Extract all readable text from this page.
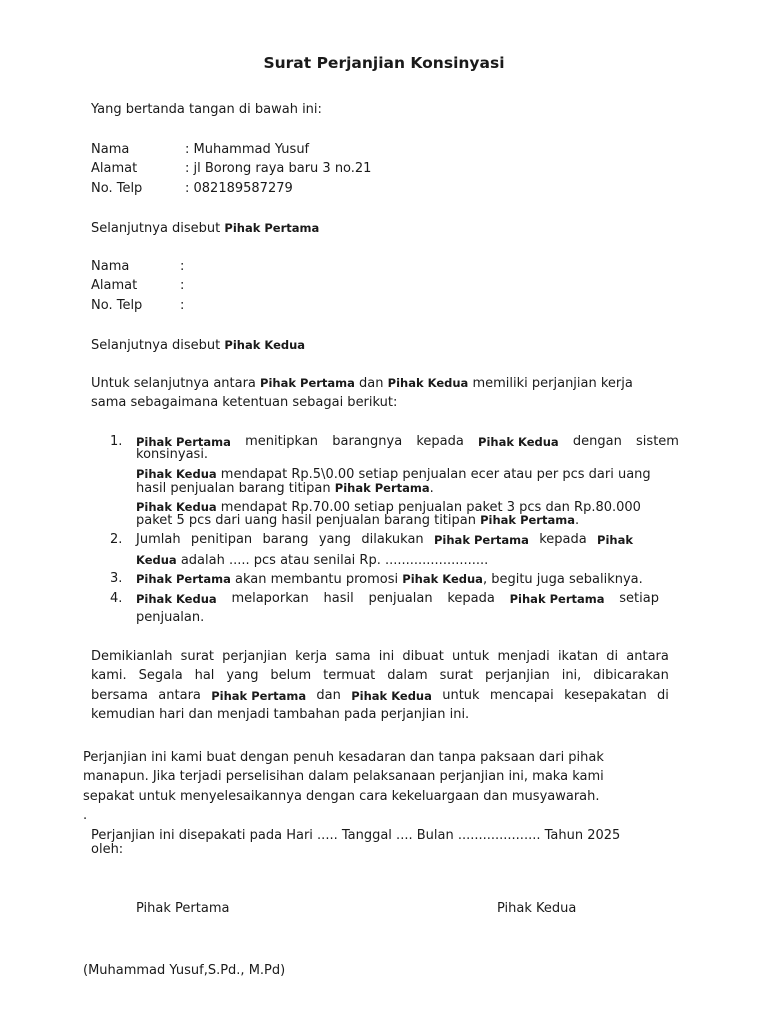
Surat Perjanjian Konsinyasi
Yang bertanda tangan di bawah ini:
Nama	: Muhammad Yusuf
Alamat	: jl Borong raya baru 3 no.21
No. Telp	: 082189587279
Selanjutnya disebut Pihak Pertama
Nama	:
Alamat	:
No. Telp	:
Selanjutnya disebut Pihak Kedua
Untuk selanjutnya antara Pihak Pertama dan Pihak Kedua memiliki perjanjian kerja
sama sebagaimana ketentuan sebagai berikut:
1. Pihak Pertama menitipkan barangnya kepada Pihak Kedua dengan sistem
konsinyasi.
Pihak Kedua mendapat Rp.5\0.00 setiap penjualan ecer atau per pcs dari uang
hasil penjualan barang titipan Pihak Pertama.
Pihak Kedua mendapat Rp.70.00 setiap penjualan paket 3 pcs dan Rp.80.000
paket 5 pcs dari uang hasil penjualan barang titipan Pihak Pertama.
2. Jumlah penitipan barang yang dilakukan Pihak Pertama kepada Pihak
Kedua adalah ..... pcs atau senilai Rp. .........................
3. Pihak Pertama akan membantu promosi Pihak Kedua, begitu juga sebaliknya.
4. Pihak Kedua melaporkan hasil penjualan kepada Pihak Pertama setiap
penjualan.
Demikianlah surat perjanjian kerja sama ini dibuat untuk menjadi ikatan di antara
kami. Segala hal yang belum termuat dalam surat perjanjian ini, dibicarakan
bersama antara Pihak Pertama dan Pihak Kedua untuk mencapai kesepakatan di
kemudian hari dan menjadi tambahan pada perjanjian ini.
Perjanjian ini kami buat dengan penuh kesadaran dan tanpa paksaan dari pihak
manapun. Jika terjadi perselisihan dalam pelaksanaan perjanjian ini, maka kami
sepakat untuk menyelesaikannya dengan cara kekeluargaan dan musyawarah.
.
Perjanjian ini disepakati pada Hari ..... Tanggal .... Bulan .................... Tahun 2025
oleh:
Pihak Pertama	Pihak Kedua
(Muhammad Yusuf,S.Pd., M.Pd)
